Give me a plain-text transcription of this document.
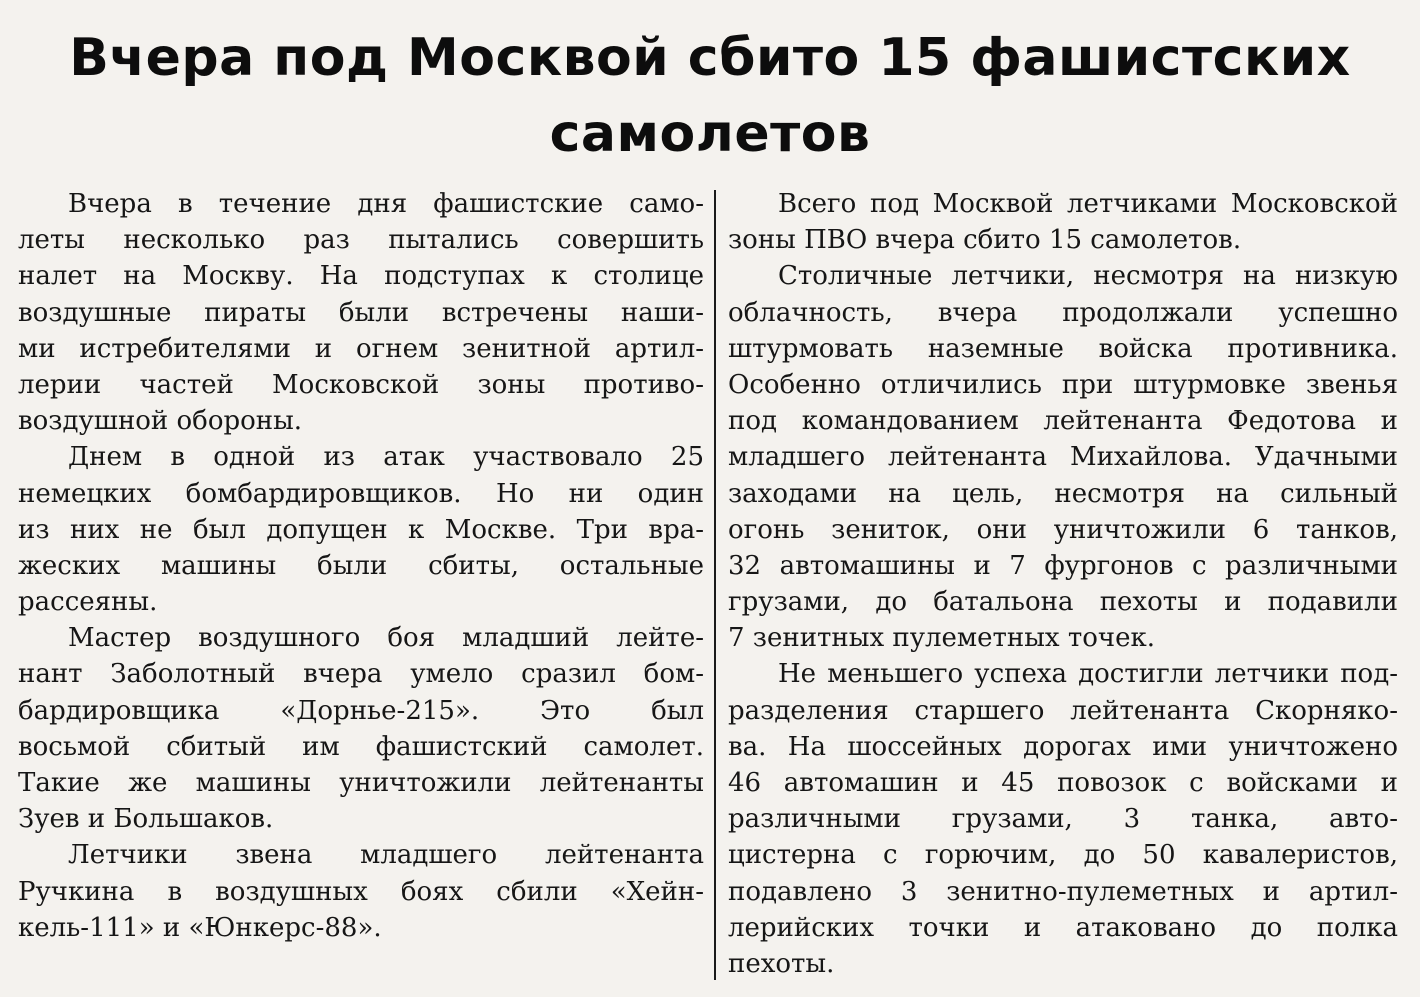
Вчера под Москвой сбито 15 фашистских
самолетов

Вчера в течение дня фашистские само-
леты несколько раз пытались совершить
налет на Москву. На подступах к столице
воздушные пираты были встречены наши-
ми истребителями и огнем зенитной артил-
лерии частей Московской зоны противо-
воздушной обороны.

Днем в одной из атак участвовало 25
немецких бомбардировщиков. Но ни один
из них не был допущен к Москве. Три вра-
жеских машины были сбиты, остальные
рассеяны.

Мастер воздушного боя младший лейте-
нант Заболотный вчера умело сразил бом-
бардировщика «Дорнье-215». Это был
восьмой сбитый им фашистский самолет.
Такие же машины уничтожили лейтенанты
Зуев и Большаков.

Летчики звена младшего лейтенанта
Ручкина в воздушных боях сбили «Хейн-
кель-111» и «Юнкерс-88».

Всего под Москвой летчиками Московской
зоны ПВО вчера сбито 15 самолетов.

Столичные летчики, несмотря на низкую
облачность, вчера продолжали успешно
штурмовать наземные войска противника.
Особенно отличились при штурмовке звенья
под командованием лейтенанта Федотова и
младшего лейтенанта Михайлова. Удачными
заходами на цель, несмотря на сильный
огонь зениток, они уничтожили 6 танков,
32 автомашины и 7 фургонов с различными
грузами, до батальона пехоты и подавили
7 зенитных пулеметных точек.

Не меньшего успеха достигли летчики под-
разделения старшего лейтенанта Скорнякo-
ва. На шоссейных дорогах ими уничтожено
46 автомашин и 45 повозок с войсками и
различными грузами, 3 танка, авто-
цистерна с горючим, до 50 кавалеристов,
подавлено 3 зенитно-пулеметных и артил-
лерийских точки и атаковано до полка
пехоты.
